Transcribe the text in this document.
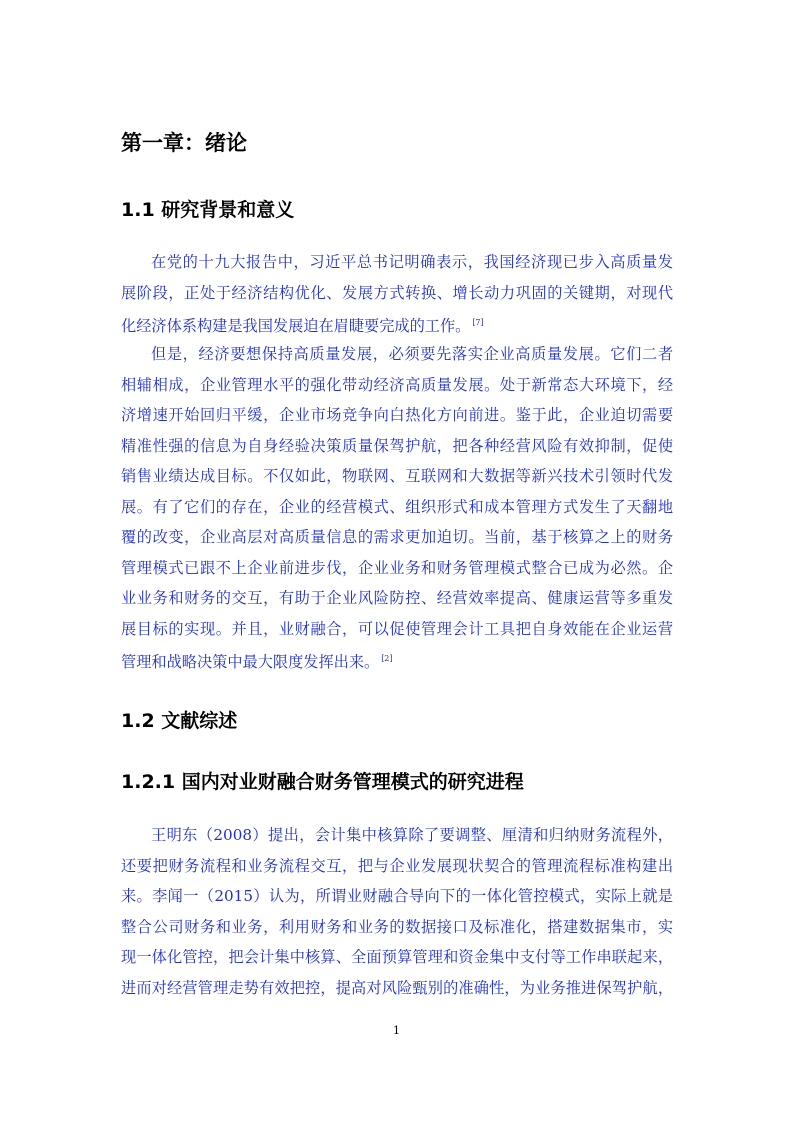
第一章：绪论
1.1 研究背景和意义
在党的十九大报告中，习近平总书记明确表示，我国经济现已步入高质量发
展阶段，正处于经济结构优化、发展方式转换、增长动力巩固的关键期，对现代
化经济体系构建是我国发展迫在眉睫要完成的工作。 [7]
但是，经济要想保持高质量发展，必须要先落实企业高质量发展。它们二者
相辅相成，企业管理水平的强化带动经济高质量发展。处于新常态大环境下，经
济增速开始回归平缓，企业市场竞争向白热化方向前进。鉴于此，企业迫切需要
精准性强的信息为自身经验决策质量保驾护航，把各种经营风险有效抑制，促使
销售业绩达成目标。不仅如此，物联网、互联网和大数据等新兴技术引领时代发
展。有了它们的存在，企业的经营模式、组织形式和成本管理方式发生了天翻地
覆的改变，企业高层对高质量信息的需求更加迫切。当前，基于核算之上的财务
管理模式已跟不上企业前进步伐，企业业务和财务管理模式整合已成为必然。企
业业务和财务的交互，有助于企业风险防控、经营效率提高、健康运营等多重发
展目标的实现。并且，业财融合，可以促使管理会计工具把自身效能在企业运营
管理和战略决策中最大限度发挥出来。 [2]
1.2 文献综述
1.2.1 国内对业财融合财务管理模式的研究进程
王明东（2008）提出，会计集中核算除了要调整、厘清和归纳财务流程外，
还要把财务流程和业务流程交互，把与企业发展现状契合的管理流程标准构建出
来。李闻一（2015）认为，所谓业财融合导向下的一体化管控模式，实际上就是
整合公司财务和业务，利用财务和业务的数据接口及标准化，搭建数据集市，实
现一体化管控，把会计集中核算、全面预算管理和资金集中支付等工作串联起来，
进而对经营管理走势有效把控，提高对风险甄别的准确性，为业务推进保驾护航，
1
